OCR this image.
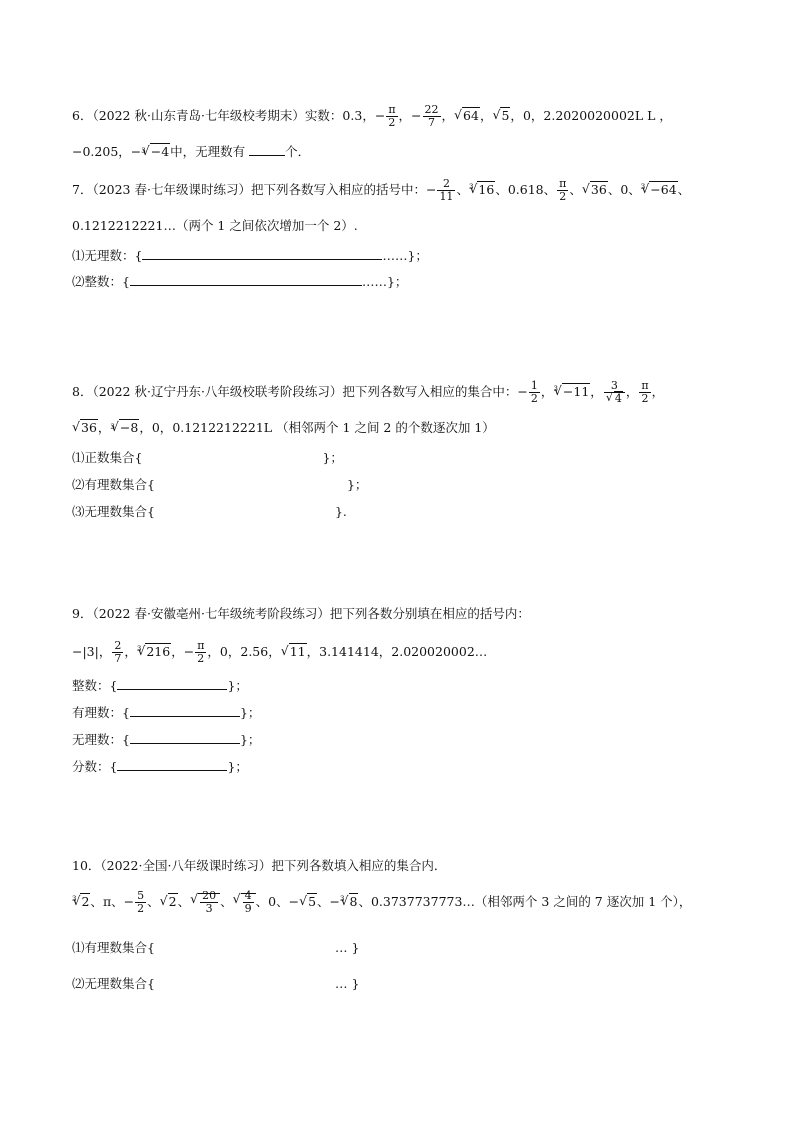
6．（2022 秋·山东青岛·七年级校考期末）实数：0.3，− $\frac{\pi}{2}$ ，− $\frac{22}{7}$ ， √ 64， √ 5，0，2.2020020002L L ，
−0.205，−$^3$ √ −4中，无理数有	个．
7．（2023 春·七年级课时练习）把下列各数写入相应的括号中：− $\frac{2}{11}$ 、$^3$ √ 16、0.618、 $\frac{\pi}{2}$ 、 √ 36、0、$^3$ √ −64、
0.1212212221…（两个 1 之间依次增加一个 2）.
⑴无理数：{	……}；
⑵整数：{	……}；
8．（2022 秋·辽宁丹东·八年级校联考阶段练习）把下列各数写入相应的集合中：− $\frac{1}{2}$ ，$^3$ √ −11， 3
√ 4 ， $\frac{\pi}{2}$ ，
√ 36，$^3$ √ −8，0，0.1212212221L （相邻两个 1 之间 2 的个数逐次加 1）
⑴正数集合{	}；
⑵有理数集合{	}；
⑶无理数集合{	}.
9．（2022 春·安徽亳州·七年级统考阶段练习）把下列各数分别填在相应的括号内：
−|3|， $\frac{2}{7}$ ，$^3$ √ 216，− $\frac{\pi}{2}$ ，0，2.56， √ 11，3.141414，2.020020002…
整数：{	}；
有理数：{	}；
无理数：{	}；
分数：{	}；
10．（2022·全国·八年级课时练习）把下列各数填入相应的集合内．
$^3$ √ 2、π、− $\frac{5}{2}$ 、 √ 2、 √ $\frac{20}{3}$ 、 √ $\frac{4}{9}$ 、0、− √ 5、−$^3$ √ 8、0.3737737773…（相邻两个 3 之间的 7 逐次加 1 个），
⑴有理数集合{	… }
⑵无理数集合{	… }
